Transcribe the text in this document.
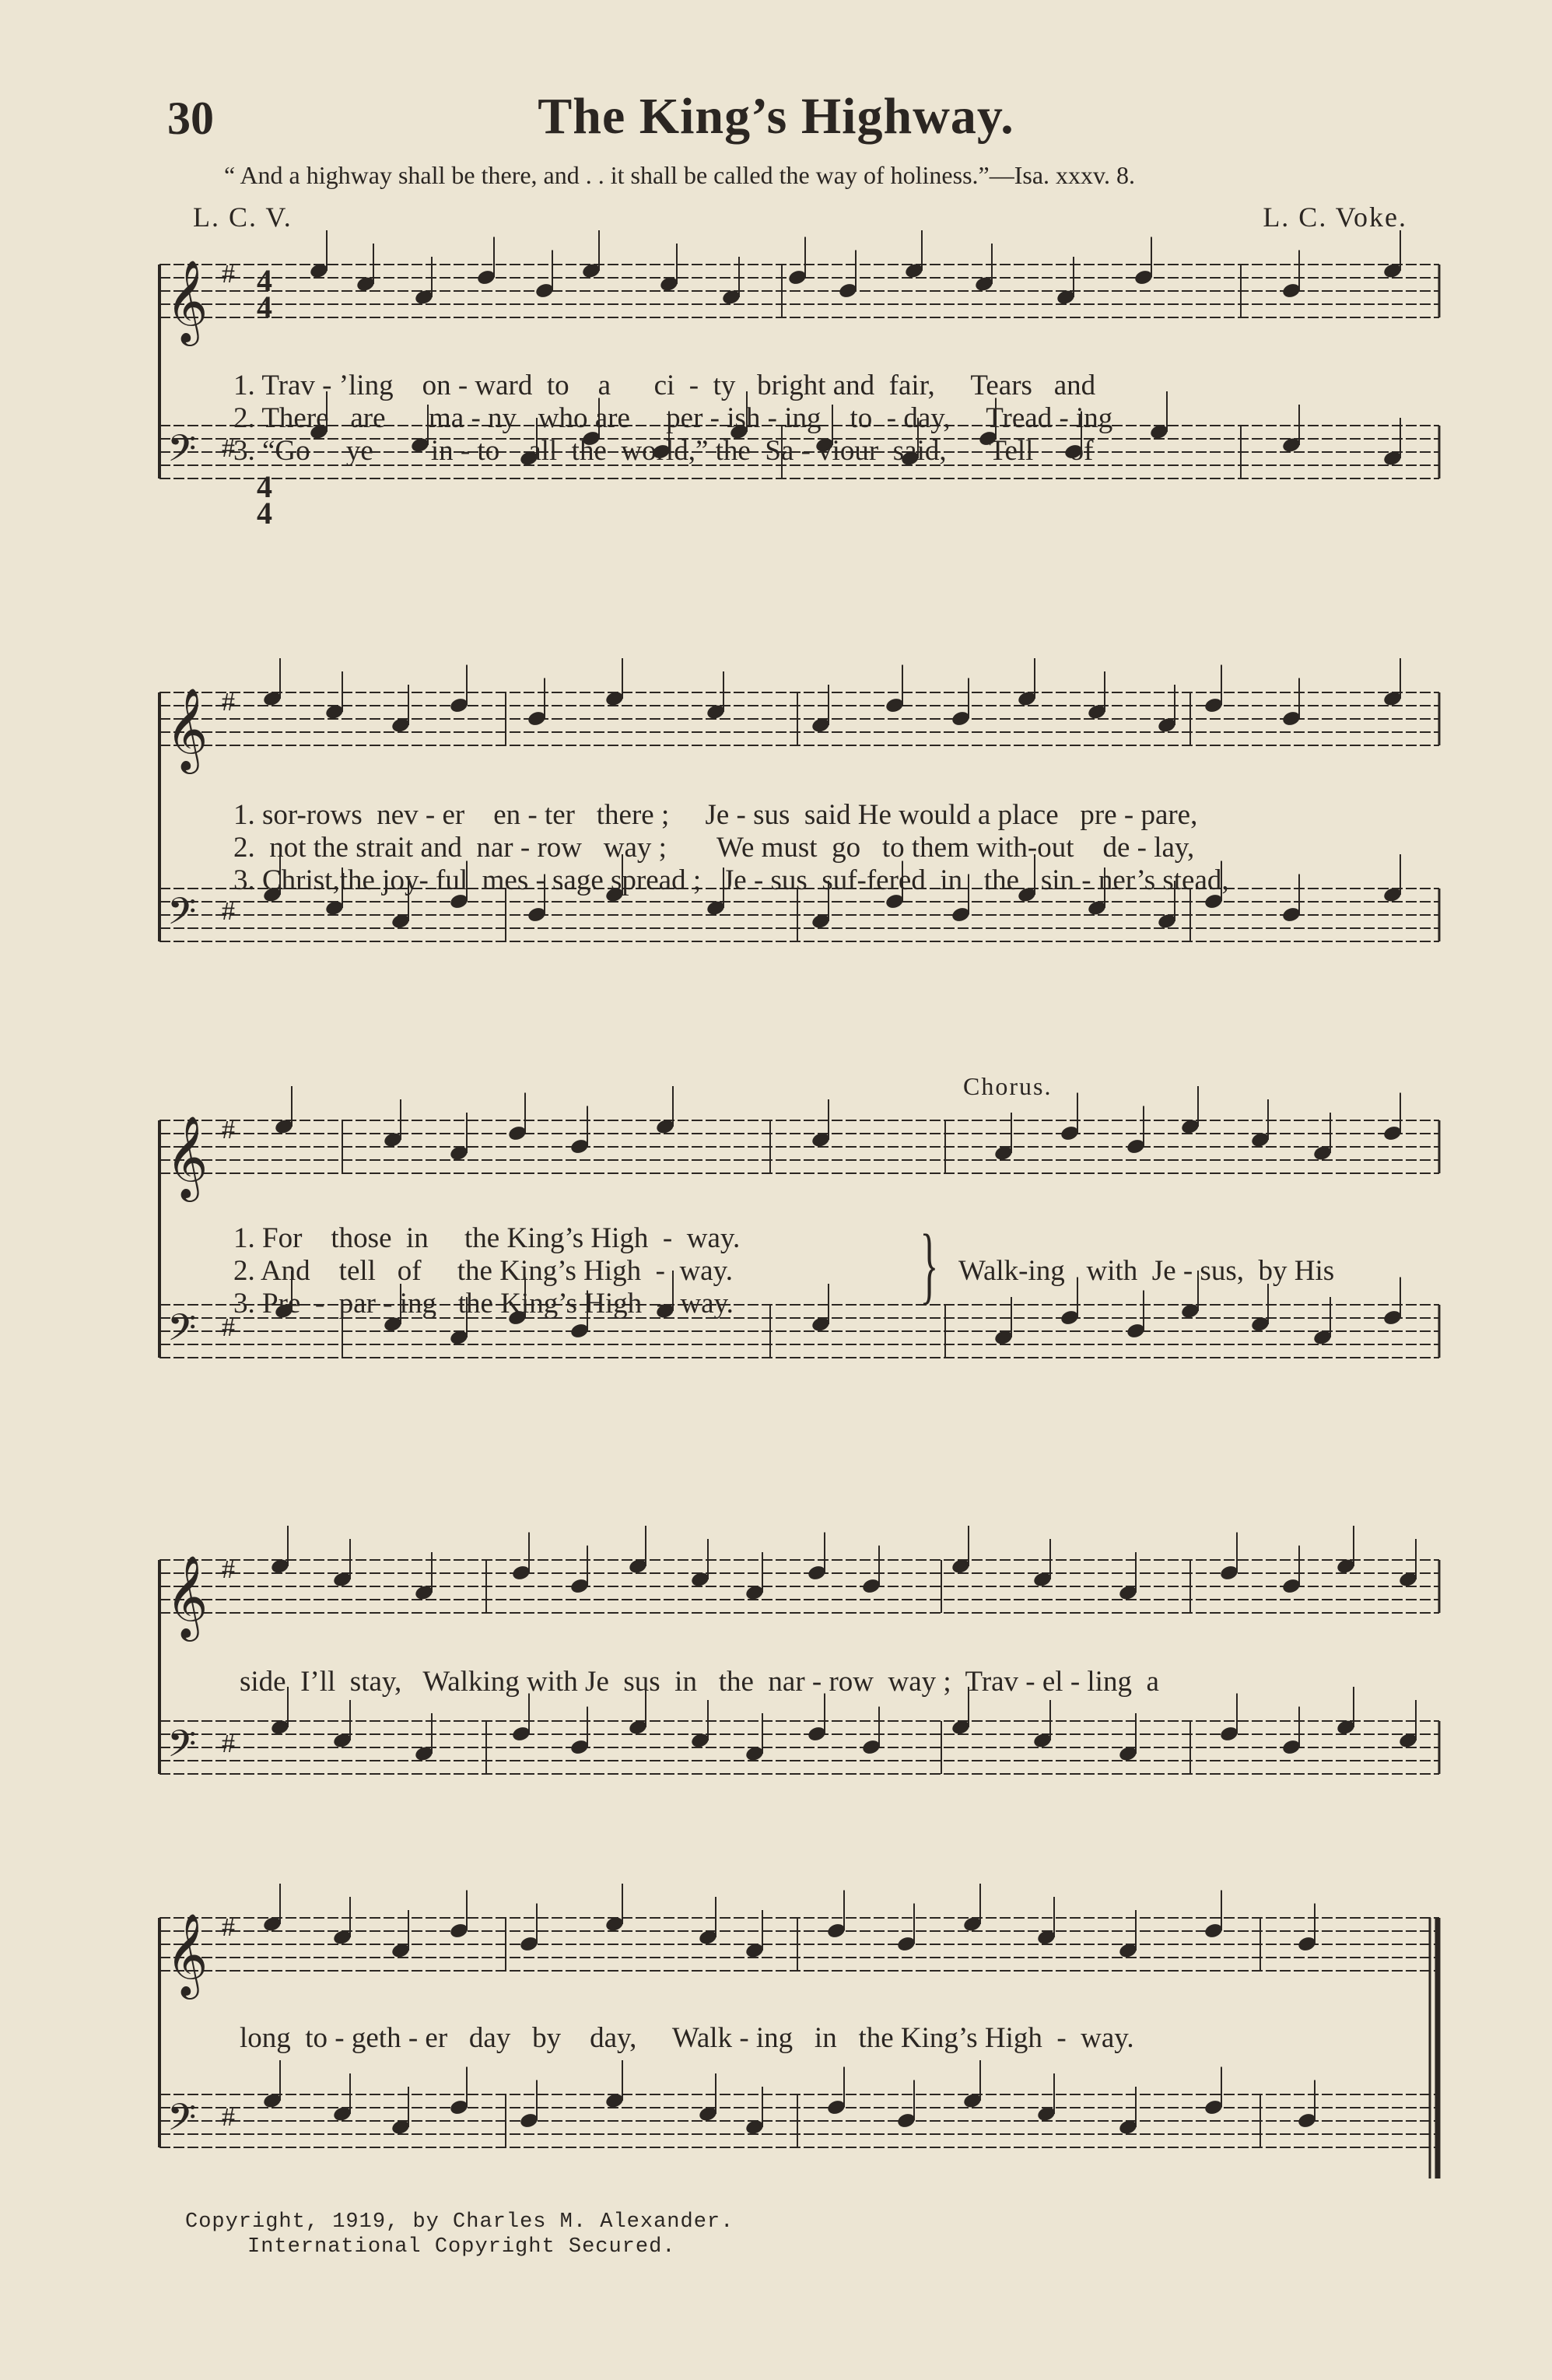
𝄞
𝄢
#
#
𝄞
𝄢
#
#
𝄞
𝄢
#
#
𝄞
𝄢
#
#
𝄞
𝄢
#
#
4
4
4
4
30	The King’s Highway.
“ And a highway shall be there, and . . it shall be called the way of holiness.”—Isa. xxxv. 8.
L. C. V.	L. C. Voke.
1. Trav - ’ling    on - ward  to    a      ci  -  ty   bright and  fair,     Tears   and
2. There   are      ma - ny   who are     per - ish - ing    to  - day,     Tread - ing
3. “Go     ye        in - to    all  the  world,” the  Sa - viour  said,      Tell     of
1. sor-rows  nev - er    en - ter   there ;     Je - sus  said He would a place   pre - pare,
2.  not the strait and  nar - row   way ;       We must  go   to them with-out    de - lay,
3. Christ,the joy- ful  mes - sage spread ;   Je - sus  suf-fered  in   the   sin - ner’s stead,
Chorus.
1. For    those  in     the King’s High  -  way.
2. And    tell   of     the King’s High  -  way.
3. Pre  -  par - ing   the King’s High  -  way.	} Walk-ing   with  Je - sus,  by His
side  I’ll  stay,   Walking with Je  sus  in   the  nar - row  way ;  Trav - el - ling  a
long  to - geth - er   day   by    day,     Walk - ing   in   the King’s High  -  way.
Copyright, 1919, by Charles M. Alexander.
International Copyright Secured.
